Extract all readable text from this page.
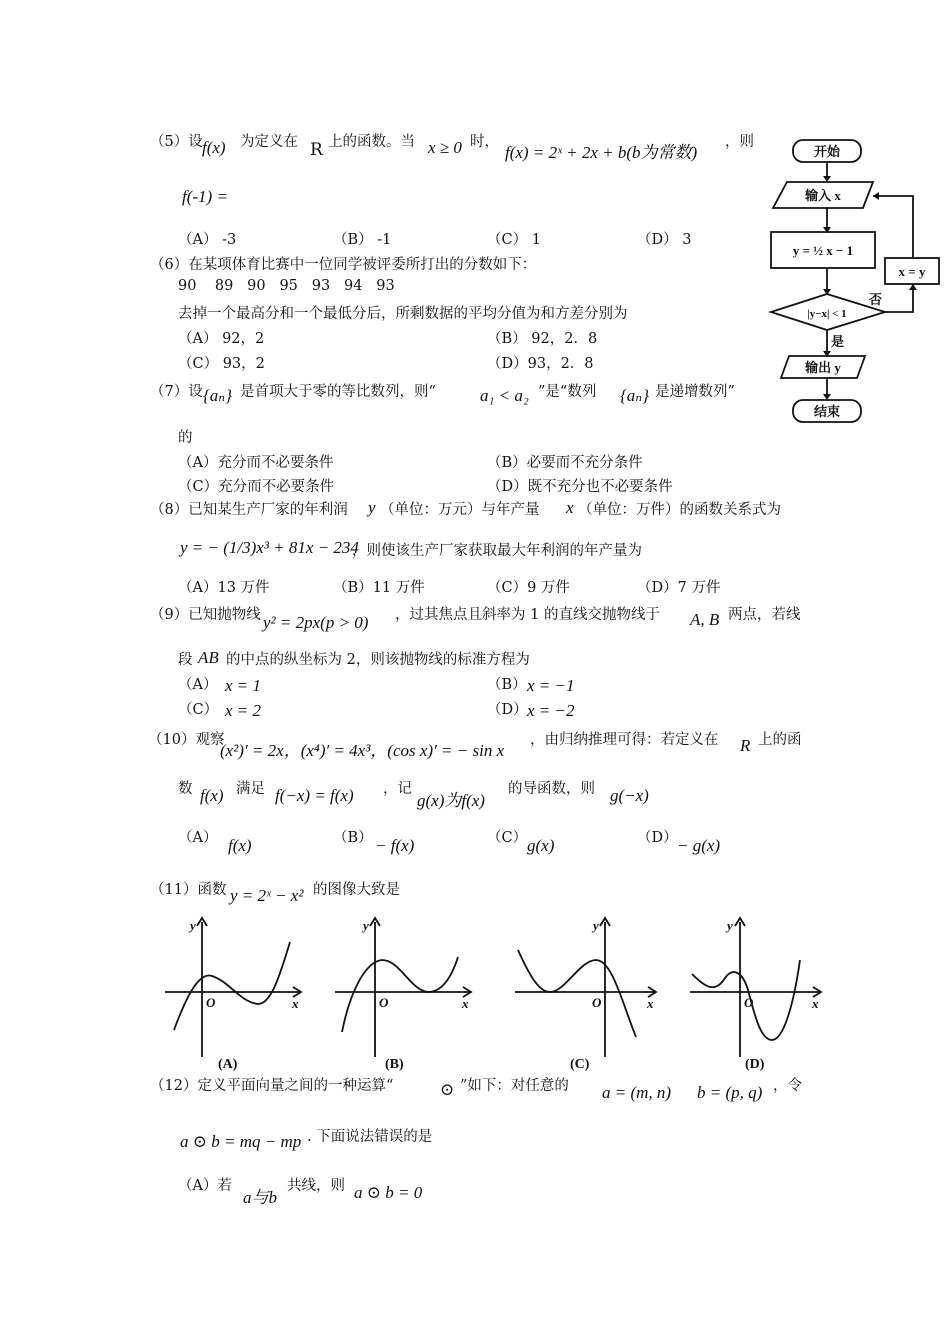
（5）设 f(x) 为定义在 R 上的函数。当 x ≥ 0 时，
f(x) = 2ˣ + 2x + b(b为常数)
，则
f(-1) =
（A） -3	（B） -1	（C） 1	（D） 3
（6）在某项体育比赛中一位同学被评委所打出的分数如下：
90    89   90   95   93   94   93
去掉一个最高分和一个最低分后，所剩数据的平均分值为和方差分别为
（A） 92，2	（B） 92，2．8
（C） 93，2	（D）93，2．8
（7）设 {aₙ} 是首项大于零的等比数列，则“	a₁ < a₂ ”是“数列 {aₙ} 是递增数列”
的
（A）充分而不必要条件	（B）必要而不充分条件
（C）充分而不必要条件	（D）既不充分也不必要条件
（8）已知某生产厂家的年利润 y （单位：万元）与年产量 x （单位：万件）的函数关系式为
y = − (1/3)x³ + 81x − 234
，则使该生产厂家获取最大年利润的年产量为
（A）13 万件	（B）11 万件	（C）9 万件	（D）7 万件
（9）已知抛物线 y² = 2px(p > 0) ，过其焦点且斜率为 1 的直线交抛物线于 A, B 两点，若线
段 AB 的中点的纵坐标为 2，则该抛物线的标准方程为
（A） x = 1	（B） x = −1
（C） x = 2	（D） x = −2
（10）观察
(x²)′ = 2x，(x⁴)′ = 4x³，(cos x)′ = − sin x
，由归纳推理可得：若定义在 R 上的函
数 f(x) 满足 f(−x) = f(x) ，记
g(x)为f(x)
的导函数，则 g(−x)
（A） f(x)	（B） − f(x)	（C） g(x)	（D） − g(x)
（11）函数 y = 2ˣ − x² 的图像大致是
y
x
O
y
x
O
y
x
O
y
x
O
(A)	(B)	(C)	(D)
（12）定义平面向量之间的一种运算“	⊙ ”如下：对任意的 a = (m, n) b = (p, q) ，令
a ⊙ b = mq − mp . 下面说法错误的是
（A）若
a与b
共线，则 a ⊙ b = 0
开始
输入 x
y = ½ x − 1
|y−x| < 1
否
是
x = y
输出 y
结束
